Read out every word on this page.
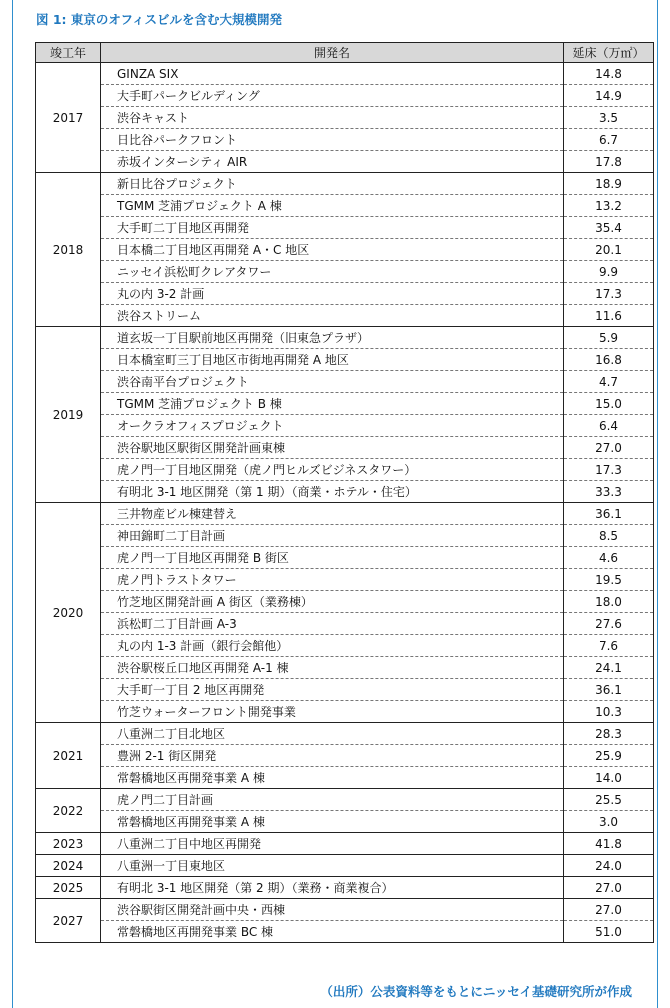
図 1: 東京のオフィスビルを含む大規模開発
竣工年	開発名	延床（万㎡）
2017	GINZA SIX	14.8
	大手町パークビルディング	14.9
	渋谷キャスト	3.5
	日比谷パークフロント	6.7
	赤坂インターシティ AIR	17.8
2018	新日比谷プロジェクト	18.9
	TGMM 芝浦プロジェクト A 棟	13.2
	大手町二丁目地区再開発	35.4
	日本橋二丁目地区再開発 A・C 地区	20.1
	ニッセイ浜松町クレアタワー	9.9
	丸の内 3-2 計画	17.3
	渋谷ストリーム	11.6
2019	道玄坂一丁目駅前地区再開発（旧東急プラザ）	5.9
	日本橋室町三丁目地区市街地再開発 A 地区	16.8
	渋谷南平台プロジェクト	4.7
	TGMM 芝浦プロジェクト B 棟	15.0
	オークラオフィスプロジェクト	6.4
	渋谷駅地区駅街区開発計画東棟	27.0
	虎ノ門一丁目地区開発（虎ノ門ヒルズビジネスタワー）	17.3
	有明北 3-1 地区開発（第 1 期）（商業・ホテル・住宅）	33.3
2020	三井物産ビル棟建替え	36.1
	神田錦町二丁目計画	8.5
	虎ノ門一丁目地区再開発 B 街区	4.6
	虎ノ門トラストタワー	19.5
	竹芝地区開発計画 A 街区（業務棟）	18.0
	浜松町二丁目計画 A-3	27.6
	丸の内 1-3 計画（銀行会館他）	7.6
	渋谷駅桜丘口地区再開発 A-1 棟	24.1
	大手町一丁目 2 地区再開発	36.1
	竹芝ウォーターフロント開発事業	10.3
2021	八重洲二丁目北地区	28.3
	豊洲 2-1 街区開発	25.9
	常磐橋地区再開発事業 A 棟	14.0
2022	虎ノ門二丁目計画	25.5
	常磐橋地区再開発事業 A 棟	3.0
2023	八重洲二丁目中地区再開発	41.8
2024	八重洲一丁目東地区	24.0
2025	有明北 3-1 地区開発（第 2 期）（業務・商業複合）	27.0
2027	渋谷駅街区開発計画中央・西棟	27.0
	常磐橋地区再開発事業 BC 棟	51.0
（出所）公表資料等をもとにニッセイ基礎研究所が作成
